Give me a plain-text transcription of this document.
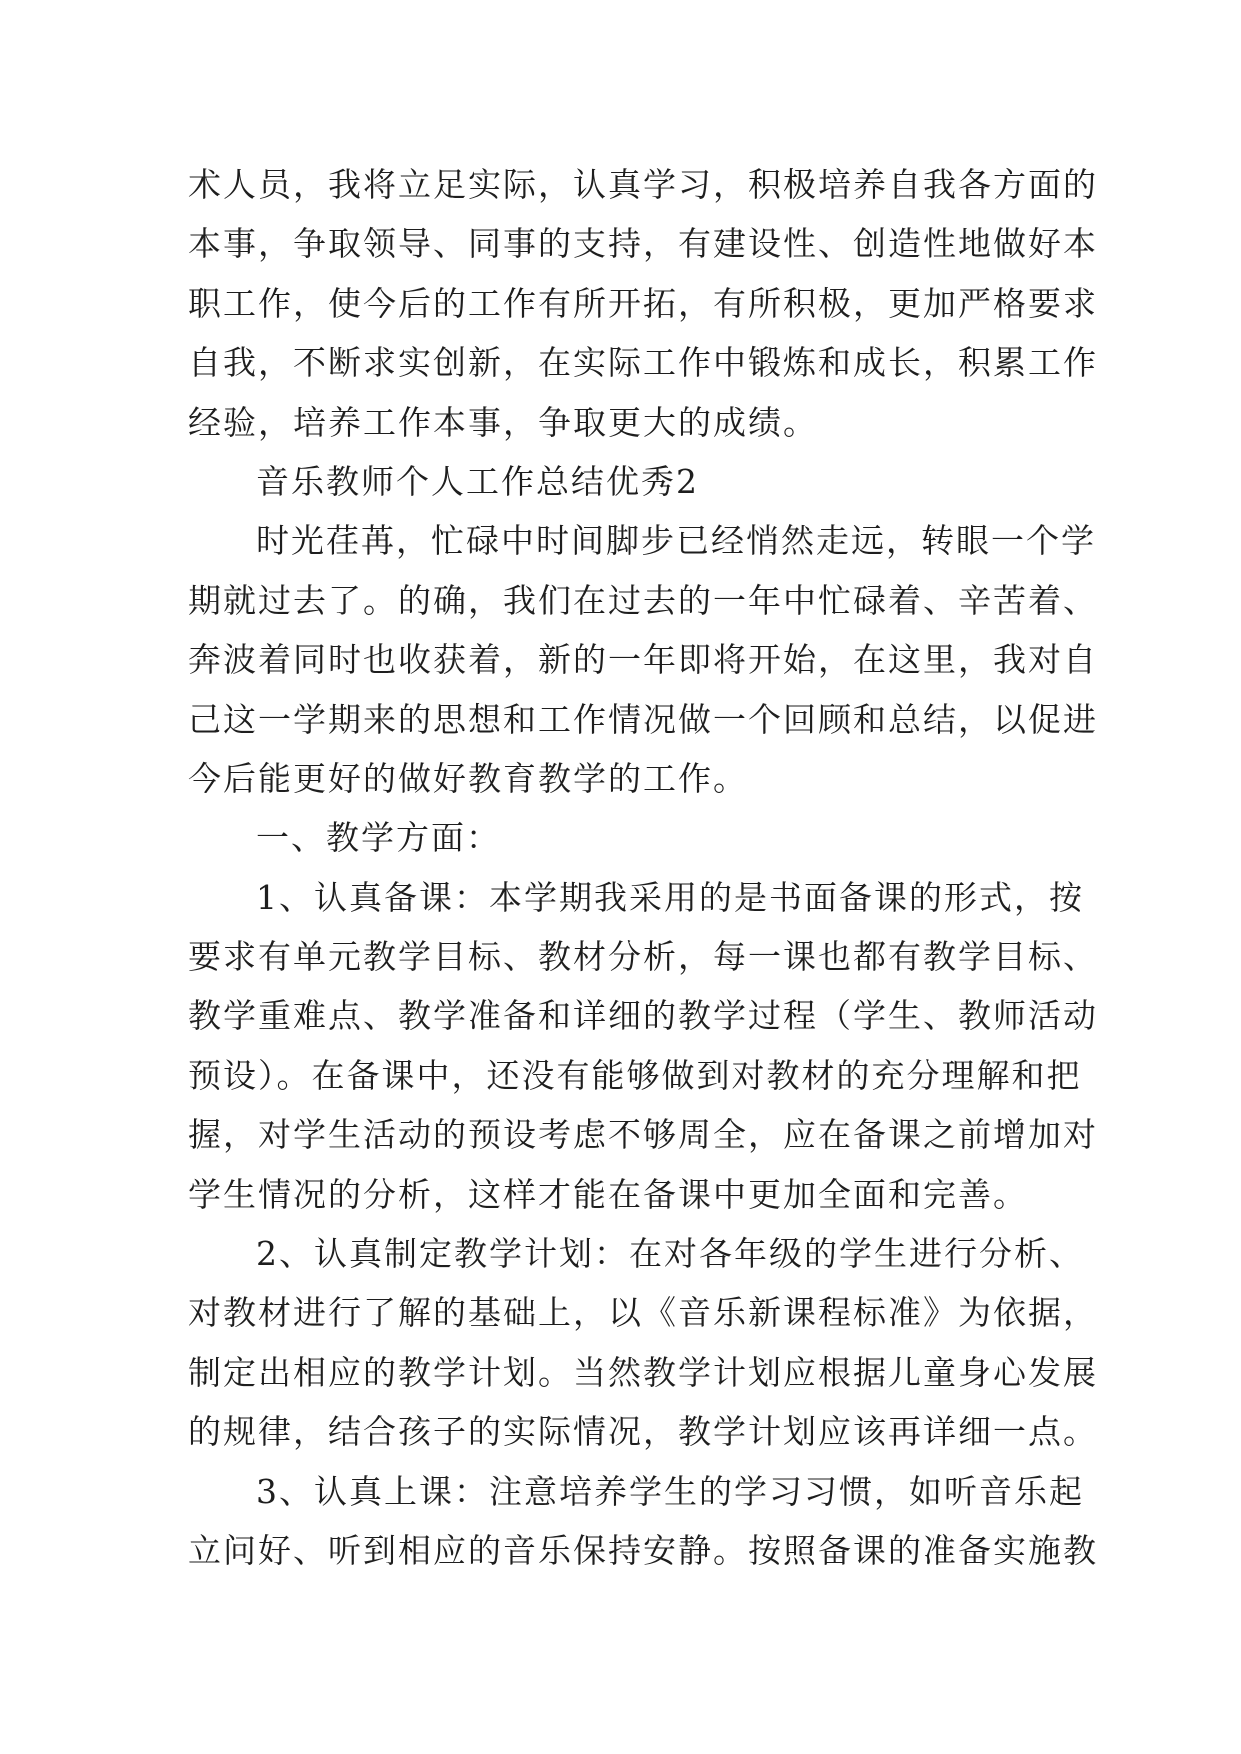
术人员，我将立足实际，认真学习，积极培养自我各方面的
本事，争取领导、同事的支持，有建设性、创造性地做好本
职工作，使今后的工作有所开拓，有所积极，更加严格要求
自我，不断求实创新，在实际工作中锻炼和成长，积累工作
经验，培养工作本事，争取更大的成绩。
音乐教师个人工作总结优秀2
时光荏苒，忙碌中时间脚步已经悄然走远，转眼一个学
期就过去了。的确，我们在过去的一年中忙碌着、辛苦着、
奔波着同时也收获着，新的一年即将开始，在这里，我对自
己这一学期来的思想和工作情况做一个回顾和总结，以促进
今后能更好的做好教育教学的工作。
一、教学方面：
1、认真备课：本学期我采用的是书面备课的形式，按
要求有单元教学目标、教材分析，每一课也都有教学目标、
教学重难点、教学准备和详细的教学过程（学生、教师活动
预设）。在备课中，还没有能够做到对教材的充分理解和把
握，对学生活动的预设考虑不够周全，应在备课之前增加对
学生情况的分析，这样才能在备课中更加全面和完善。
2、认真制定教学计划：在对各年级的学生进行分析、
对教材进行了解的基础上，以《音乐新课程标准》为依据，
制定出相应的教学计划。当然教学计划应根据儿童身心发展
的规律，结合孩子的实际情况，教学计划应该再详细一点。
3、认真上课：注意培养学生的学习习惯，如听音乐起
立问好、听到相应的音乐保持安静。按照备课的准备实施教
